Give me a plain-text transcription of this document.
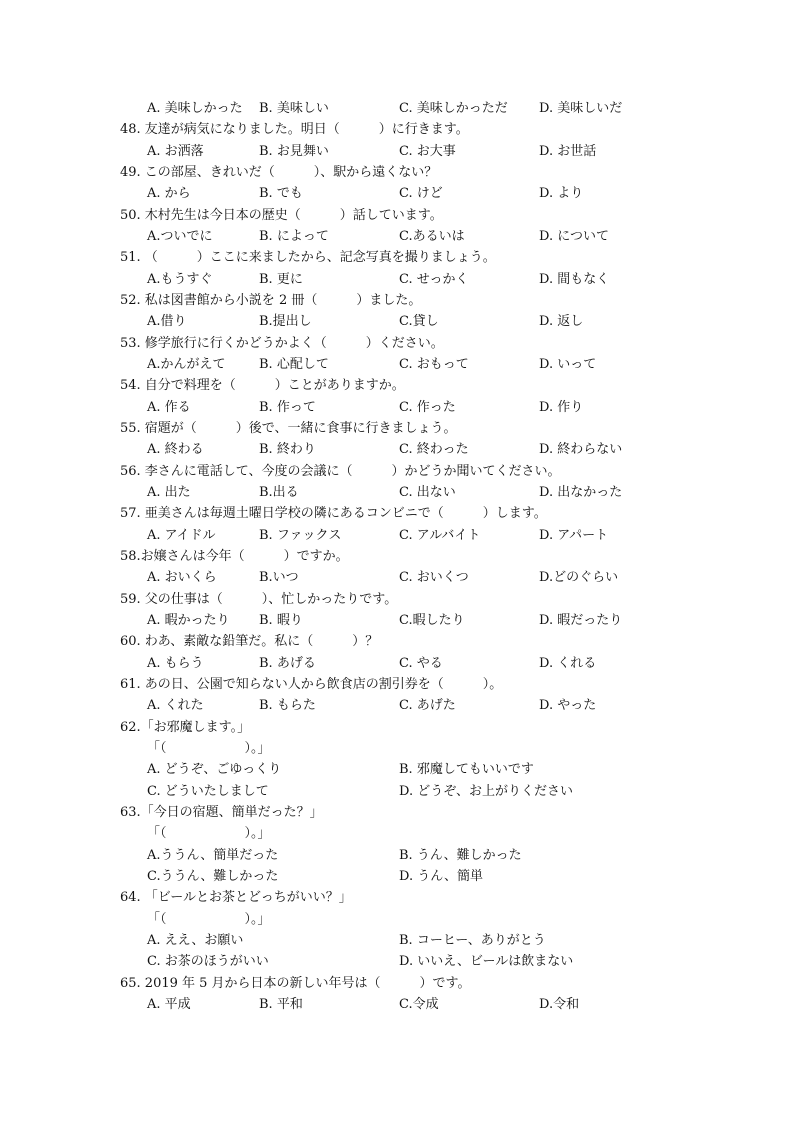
A. 美味しかった B. 美味しい	C. 美味しかっただ D. 美味しいだ
48. 友達が病気になりました。明日（　　　）に行きます。
A. お洒落	B. お見舞い	C. お大事	D. お世話
49. この部屋、きれいだ（　　　）、駅から遠くない？
A. から	B. でも	C. けど	D. より
50. 木村先生は今日本の歴史（　　　）話しています。
A.ついでに	B. によって	C.あるいは	D. について
51. （　　　）ここに来ましたから、記念写真を撮りましょう。
A.もうすぐ	B. 更に	C. せっかく	D. 間もなく
52. 私は図書館から小説を 2 冊（　　　）ました。
A.借り	B.提出し	C.貸し	D. 返し
53. 修学旅行に行くかどうかよく（　　　）ください。
A.かんがえて	B. 心配して	C. おもって	D. いって
54. 自分で料理を（　　　）ことがありますか。
A. 作る	B. 作って	C. 作った	D. 作り
55. 宿題が（　　　）後で、一緒に食事に行きましょう。
A. 終わる	B. 終わり	C. 終わった	D. 終わらない
56. 李さんに電話して、今度の会議に（　　　）かどうか聞いてください。
A. 出た	B.出る	C. 出ない	D. 出なかった
57. 亜美さんは毎週土曜日学校の隣にあるコンビニで（　　　）します。
A. アイドル	B. ファックス	C. アルバイト	D. アパート
58.お嬢さんは今年（　　　）ですか。
A. おいくら	B.いつ	C. おいくつ	D.どのぐらい
59. 父の仕事は（　　　）、忙しかったりです。
A. 暇かったり B. 暇り	C.暇したり	D. 暇だったり
60. わあ、素敵な鉛筆だ。私に（　　　）？
A. もらう	B. あげる	C. やる	D. くれる
61. あの日、公園で知らない人から飲食店の割引券を（　　　）。
A. くれた	B. もらた	C. あげた	D. やった
62.「お邪魔します。」
「（　　　　　　）。」
A. どうぞ、ごゆっくり	B. 邪魔してもいいです
C. どういたしまして	D. どうぞ、お上がりください
63.「今日の宿題、簡単だった？」
「（　　　　　　）。」
A.ううん、簡単だった	B. うん、難しかった
C.ううん、難しかった	D. うん、簡単
64. 「ビールとお茶とどっちがいい？」
「（　　　　　　）。」
A. ええ、お願い	B. コーヒー、ありがとう
C. お茶のほうがいい	D. いいえ、ビールは飲まない
65. 2019 年 5 月から日本の新しい年号は（　　　）です。
A. 平成	B. 平和	C.令成	D.令和
